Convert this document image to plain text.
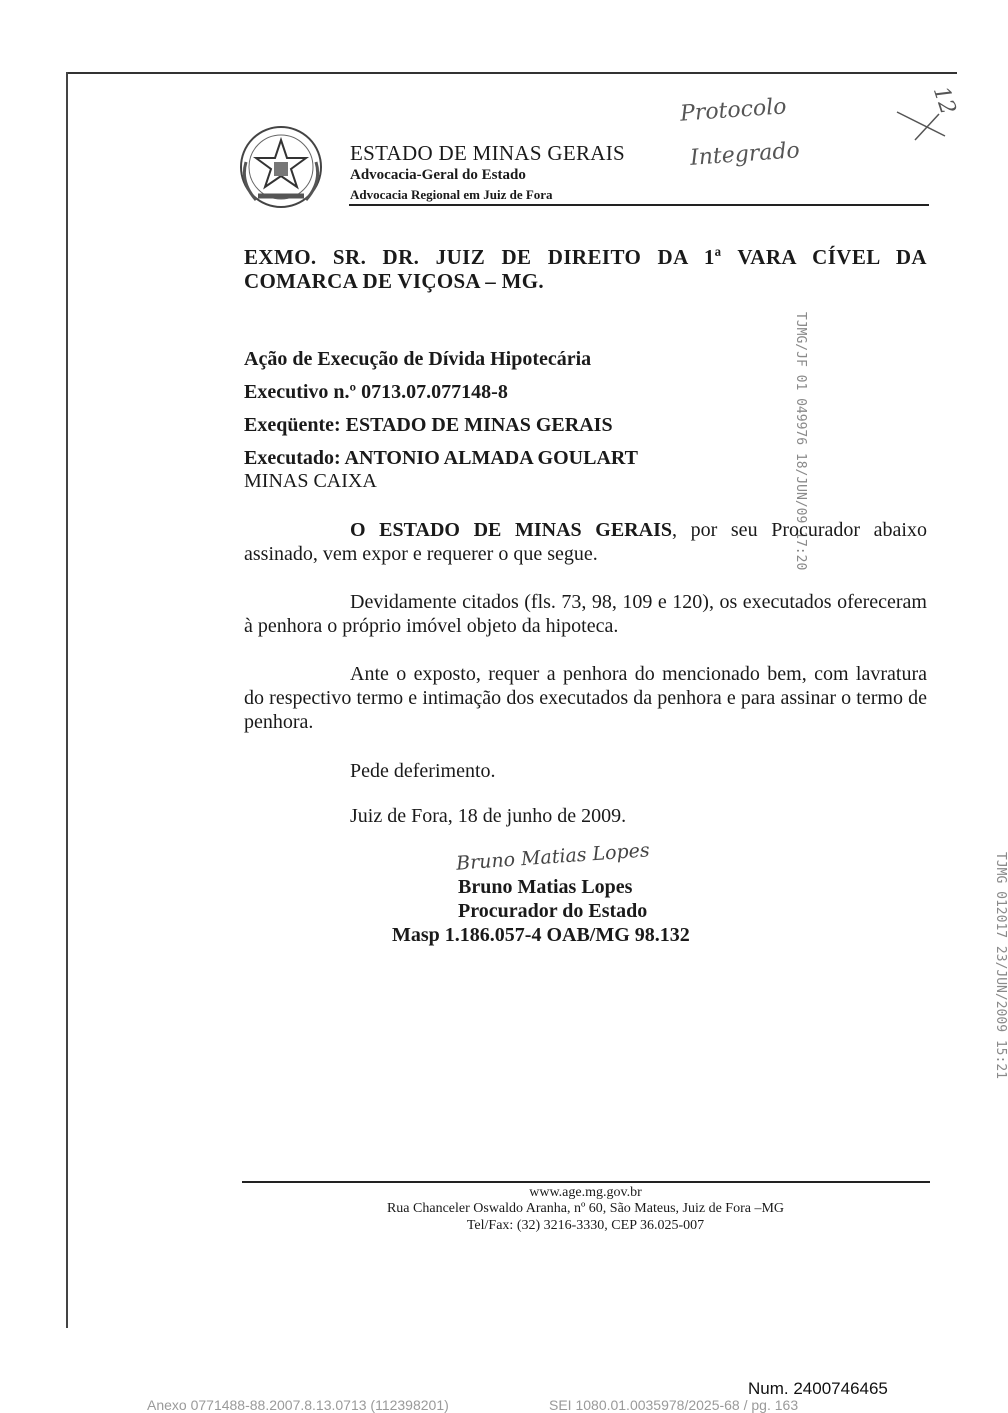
ESTADO DE MINAS GERAIS
Advocacia-Geral do Estado
Advocacia Regional em Juiz de Fora
Protocolo
Integrado
12
TJMG/JF 01 049976 18/JUN/09 17:20
TJMG 012017 23/JUN/2009 15:21
EXMO. SR. DR. JUIZ DE DIREITO DA 1ª VARA CÍVEL DA
COMARCA DE VIÇOSA – MG.
Ação de Execução de Dívida Hipotecária
Executivo n.º 0713.07.077148-8
Exeqüente: ESTADO DE MINAS GERAIS
Executado: ANTONIO ALMADA GOULART
MINAS CAIXA
O ESTADO DE MINAS GERAIS, por seu Procurador abaixo assinado, vem expor e requerer o que segue.
Devidamente citados (fls. 73, 98, 109 e 120), os executados ofereceram à penhora o próprio imóvel objeto da hipoteca.
Ante o exposto, requer a penhora do mencionado bem, com lavratura do respectivo termo e intimação dos executados da penhora e para assinar o termo de penhora.
Pede deferimento.
Juiz de Fora, 18 de junho de 2009.
Bruno Matias Lopes
Bruno Matias Lopes
Procurador do Estado
Masp 1.186.057-4 OAB/MG 98.132
www.age.mg.gov.br
Rua Chanceler Oswaldo Aranha, nº 60, São Mateus, Juiz de Fora –MG
Tel/Fax: (32) 3216-3330, CEP 36.025-007
Num. 2400746465
Anexo 0771488-88.2007.8.13.0713 (112398201)	SEI 1080.01.0035978/2025-68 / pg. 163
